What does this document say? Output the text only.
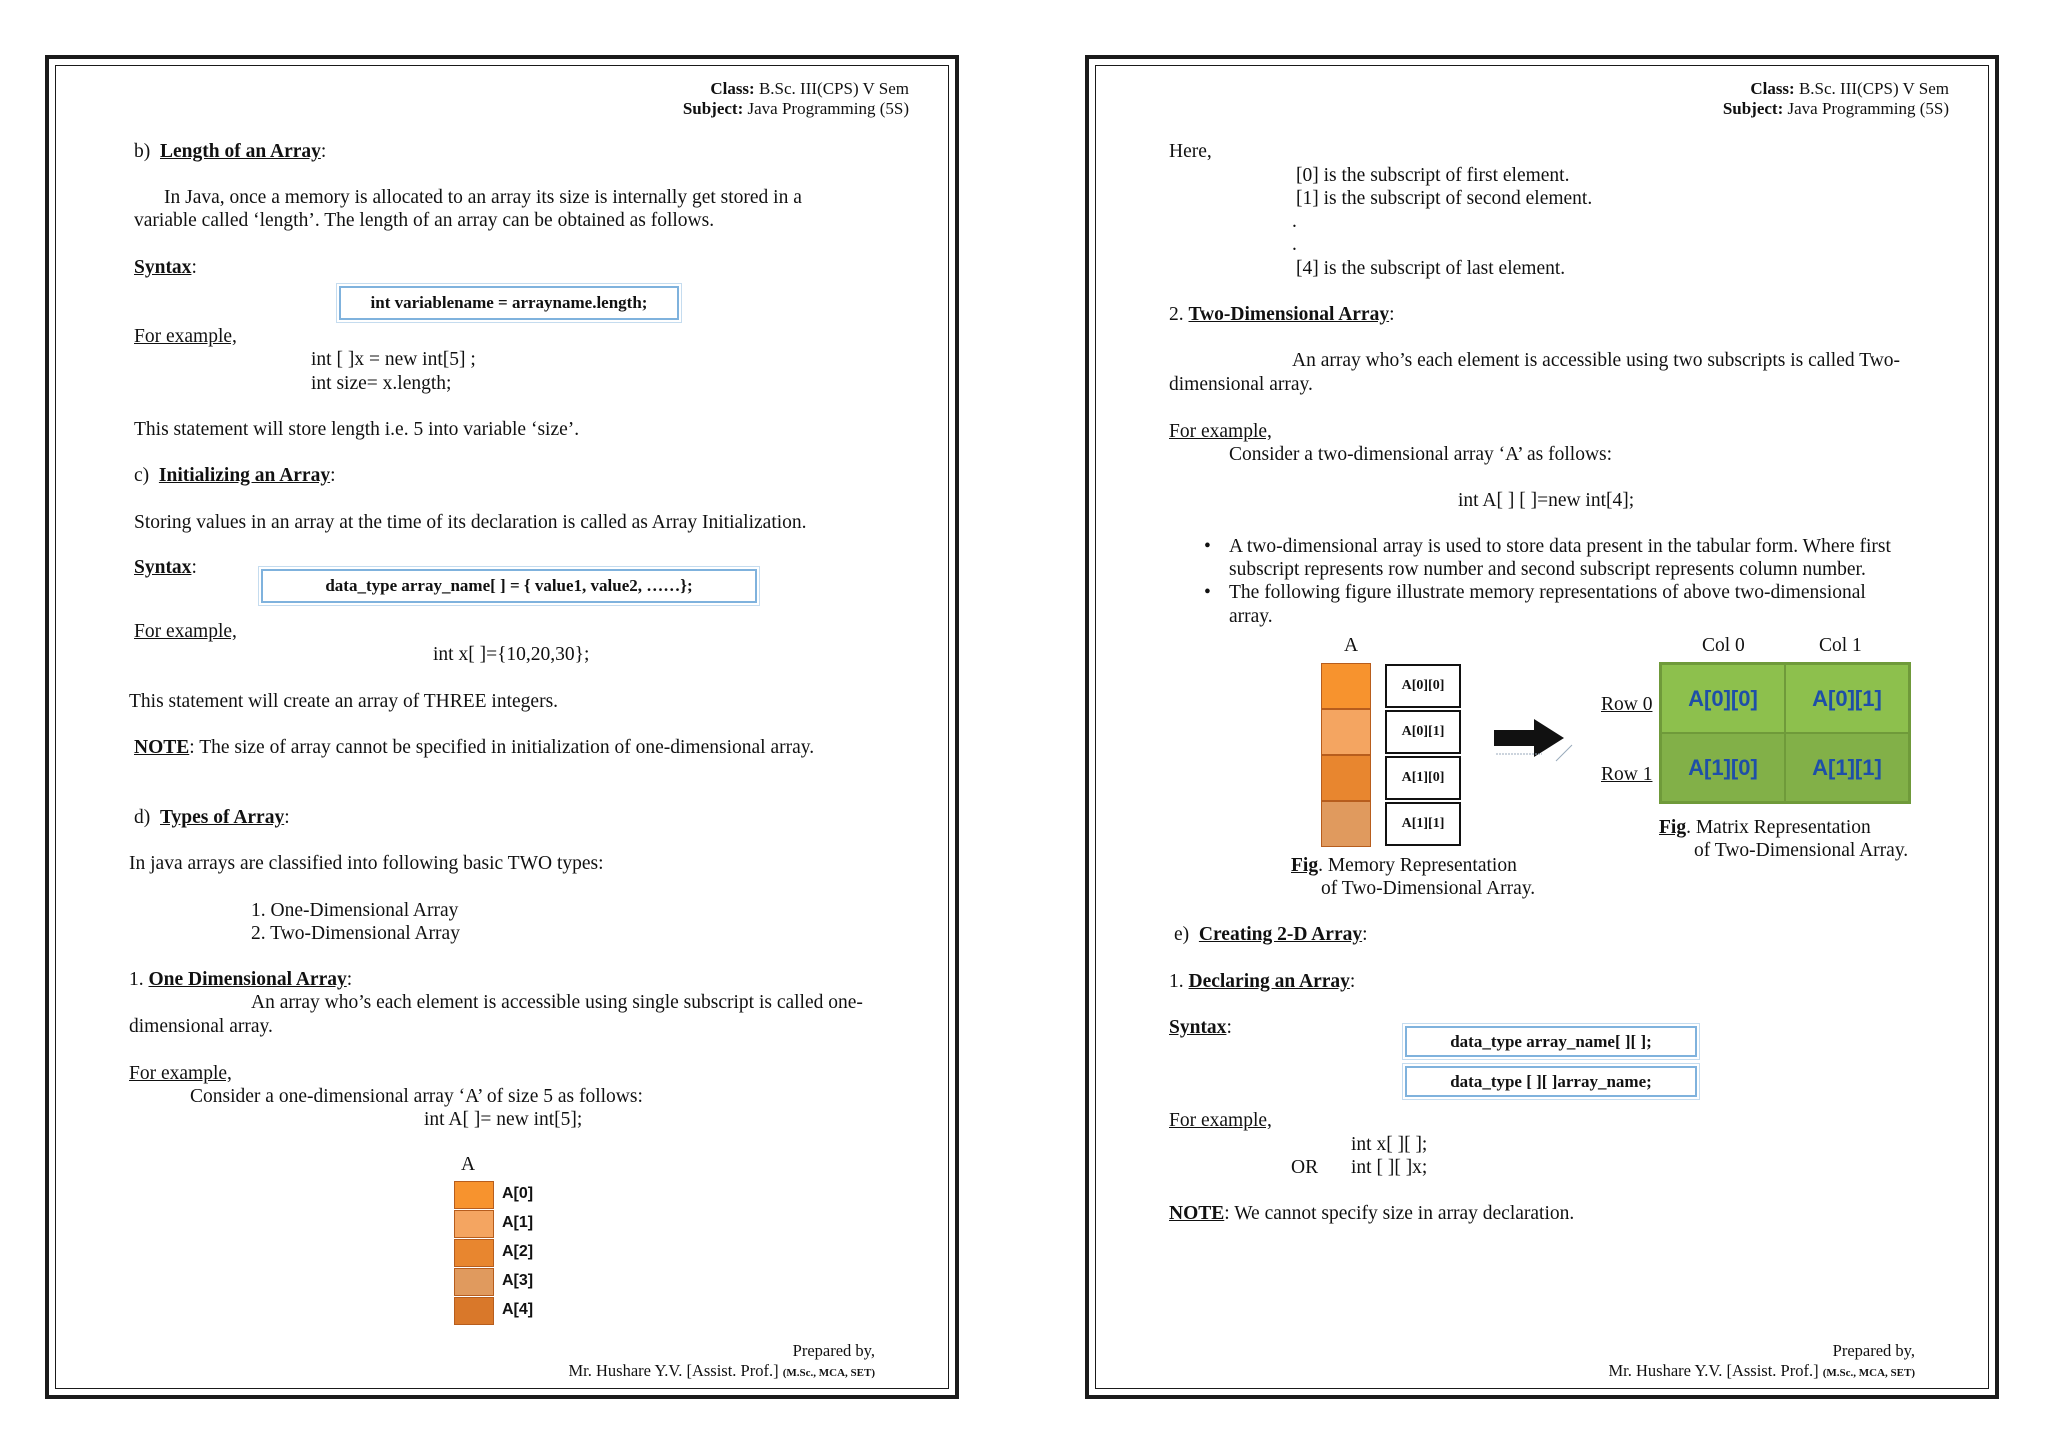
Class: B.Sc. III(CPS) V Sem
Subject: Java Programming (5S)
b) Length of an Array:
In Java, once a memory is allocated to an array its size is internally get stored in a
variable called ‘length’. The length of an array can be obtained as follows.
Syntax:
int variablename = arrayname.length;
For example,
int [ ]x = new int[5] ;
int size= x.length;
This statement will store length i.e. 5 into variable ‘size’.
c) Initializing an Array:
Storing values in an array at the time of its declaration is called as Array Initialization.
Syntax:
data_type array_name[ ] = { value1, value2, ……};
For example,
int x[ ]={10,20,30};
This statement will create an array of THREE integers.
NOTE: The size of array cannot be specified in initialization of one-dimensional array.
d) Types of Array:
In java arrays are classified into following basic TWO types:
1. One-Dimensional Array
2. Two-Dimensional Array
1. One Dimensional Array:
An array who’s each element is accessible using single subscript is called one-
dimensional array.
For example,
Consider a one-dimensional array ‘A’ of size 5 as follows:
int A[ ]= new int[5];
A
A[0]
A[1]
A[2]
A[3]
A[4]
Prepared by,
Mr. Hushare Y.V. [Assist. Prof.] (M.Sc., MCA, SET)
Class: B.Sc. III(CPS) V Sem
Subject: Java Programming (5S)
Here,
[0] is the subscript of first element.
[1] is the subscript of second element.
.
.
[4] is the subscript of last element.
2. Two-Dimensional Array:
An array who’s each element is accessible using two subscripts is called Two-
dimensional array.
For example,
Consider a two-dimensional array ‘A’ as follows:
int A[ ] [ ]=new int[4];
• A two-dimensional array is used to store data present in the tabular form. Where first
subscript represents row number and second subscript represents column number.
• The following figure illustrate memory representations of above two-dimensional
array.
A
A[0][0]
A[0][1]
A[1][0]
A[1][1]
Col 0	Col 1
Row 0
Row 1
A[0][0]	A[0][1]
A[1][0]	A[1][1]
Fig. Matrix Representation
of Two-Dimensional Array.
Fig. Memory Representation
of Two-Dimensional Array.
e) Creating 2-D Array:
1. Declaring an Array:
Syntax:
data_type array_name[ ][ ];
data_type [ ][ ]array_name;
For example,
int x[ ][ ];
OR int [ ][ ]x;
NOTE: We cannot specify size in array declaration.
Prepared by,
Mr. Hushare Y.V. [Assist. Prof.] (M.Sc., MCA, SET)
